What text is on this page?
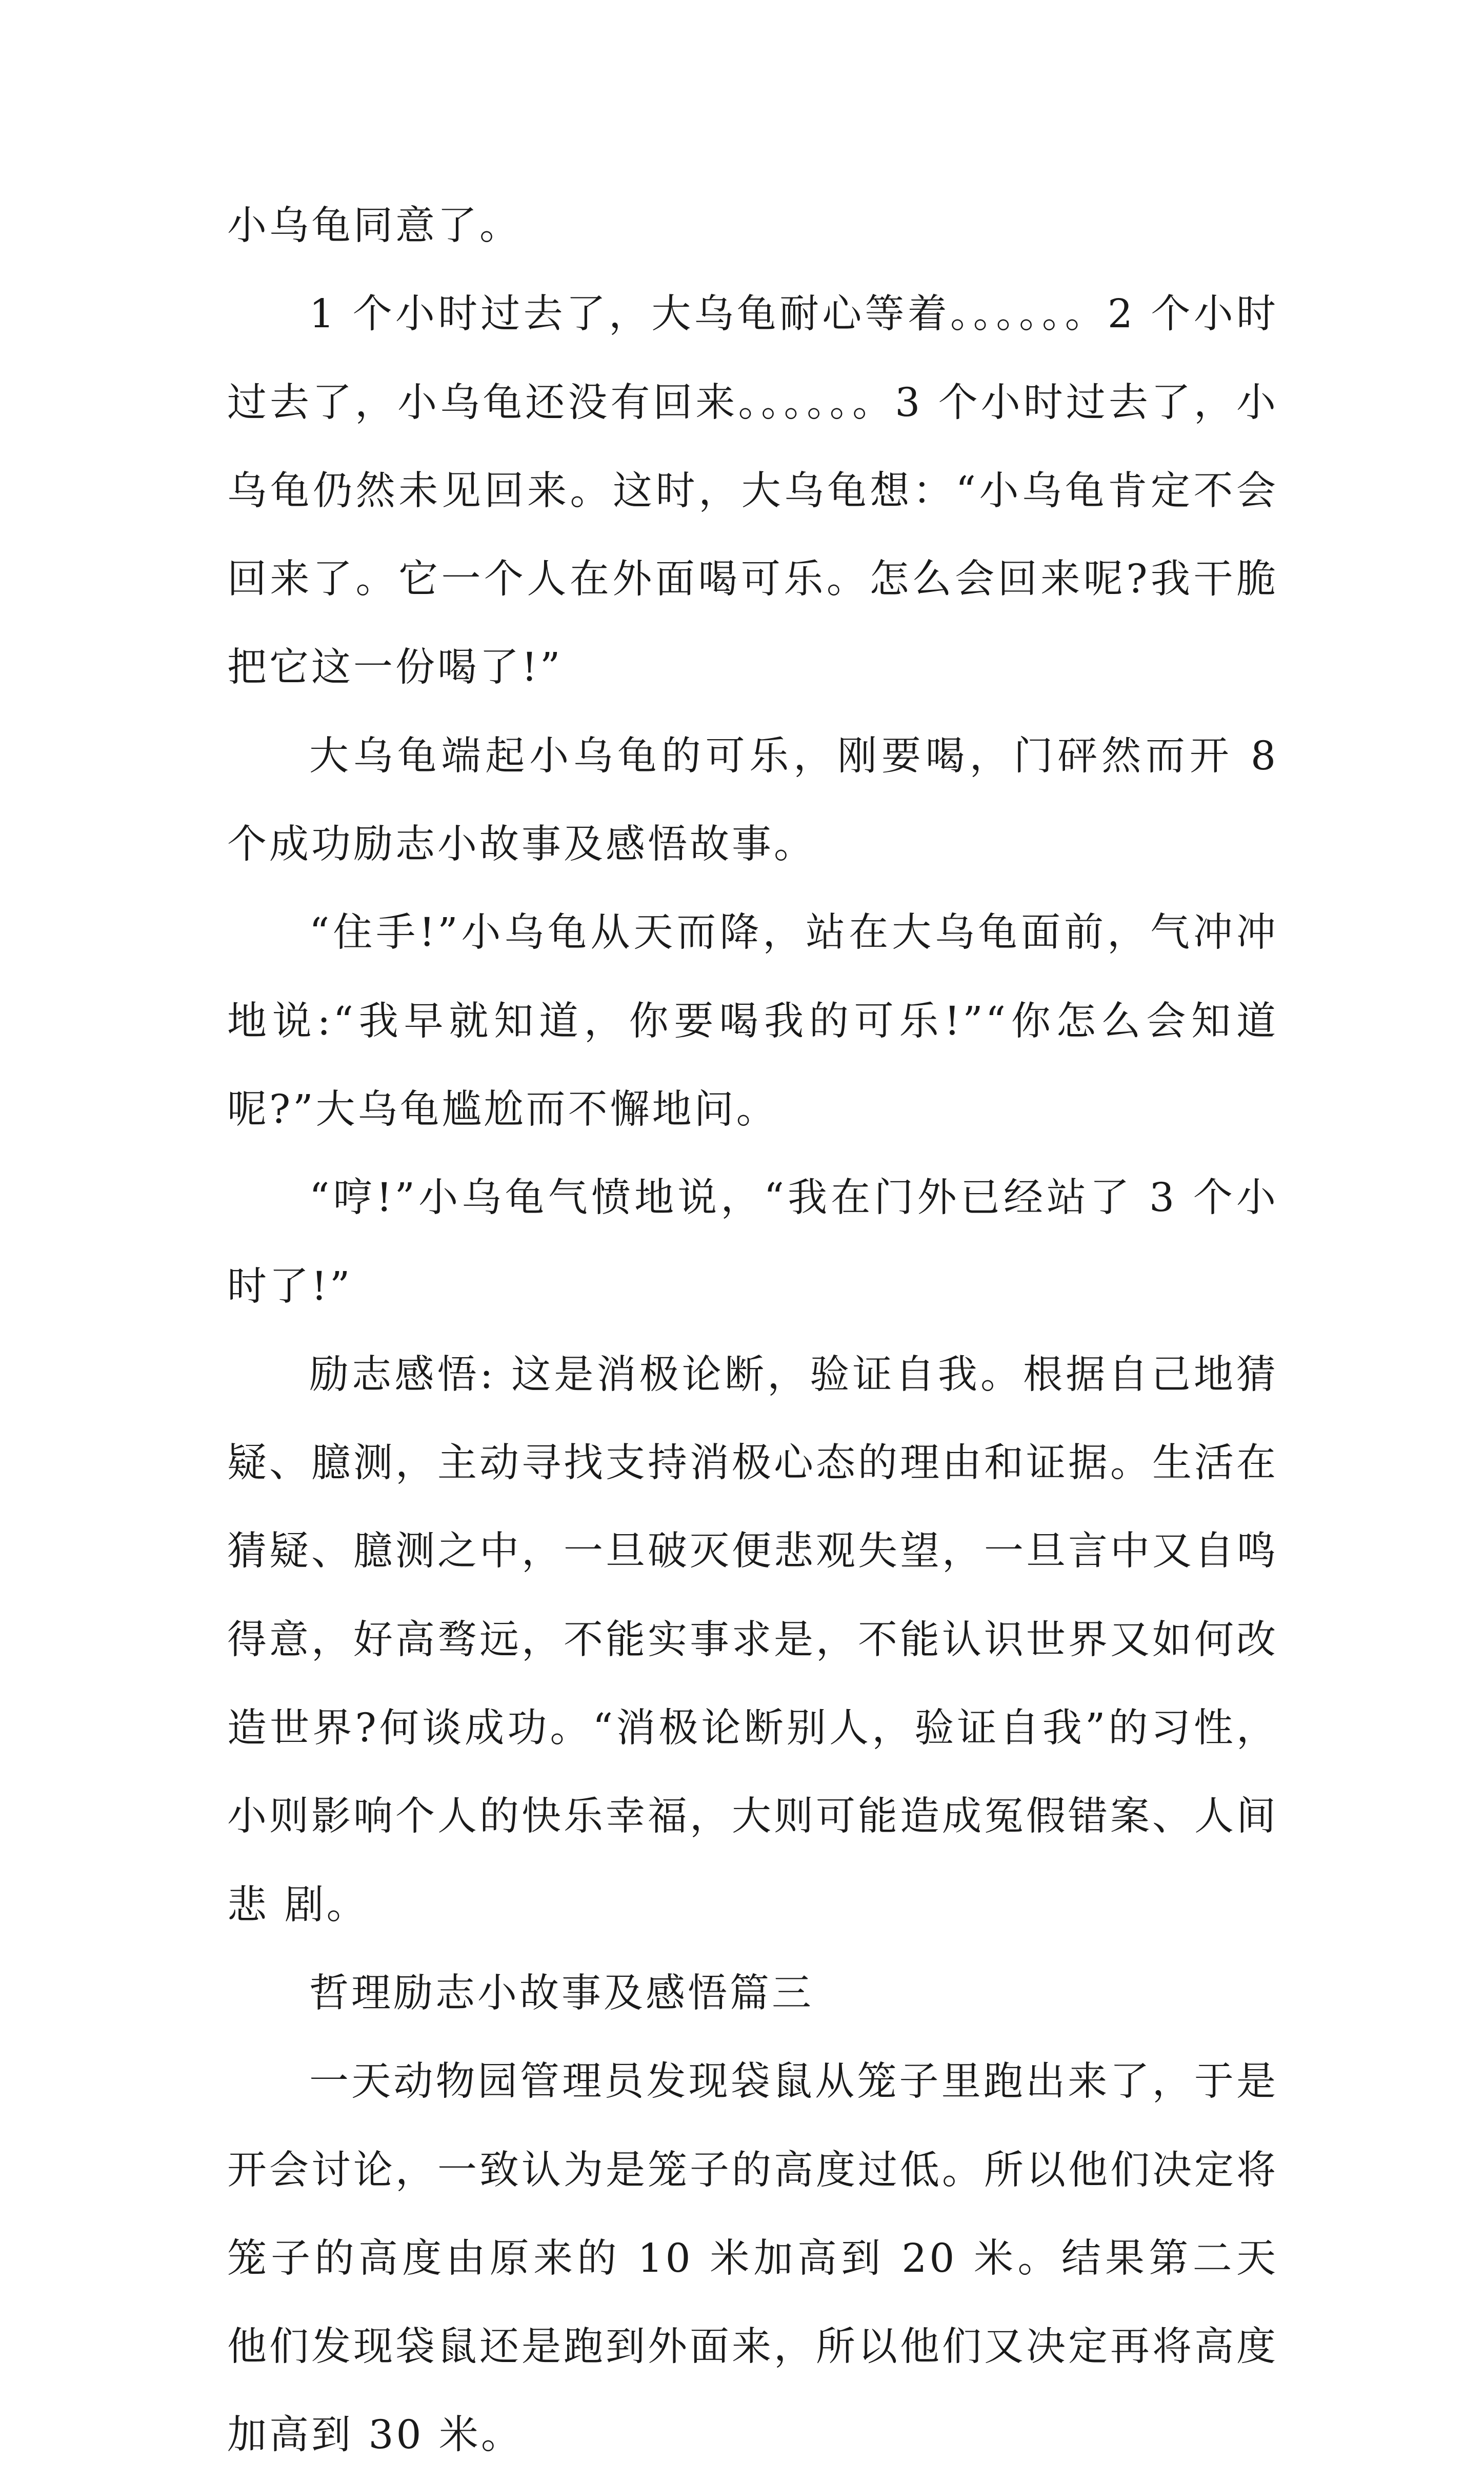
小乌龟同意了。

1 个小时过去了，大乌龟耐心等着。。。。。。2 个小时过去了，小乌龟还没有回来。。。。。。3 个小时过去了，小乌龟仍然未见回来。这时，大乌龟想：“小乌龟肯定不会回来了。它一个人在外面喝可乐。怎么会回来呢?我干脆把它这一份喝了!”

大乌龟端起小乌龟的可乐，刚要喝，门砰然而开 8 个成功励志小故事及感悟故事。

“住手!”小乌龟从天而降，站在大乌龟面前，气冲冲地说:“我早就知道，你要喝我的可乐!”“你怎么会知道呢?”大乌龟尴尬而不懈地问。

“哼!”小乌龟气愤地说，“我在门外已经站了 3 个小时了!”

励志感悟: 这是消极论断，验证自我。根据自己地猜疑、臆测，主动寻找支持消极心态的理由和证据。生活在猜疑、臆测之中，一旦破灭便悲观失望，一旦言中又自鸣得意，好高骛远，不能实事求是，不能认识世界又如何改造世界?何谈成功。“消极论断别人，验证自我”的习性，小则影响个人的快乐幸福，大则可能造成冤假错案、人间悲 剧。

哲理励志小故事及感悟篇三

一天动物园管理员发现袋鼠从笼子里跑出来了，于是开会讨论，一致认为是笼子的高度过低。所以他们决定将笼子的高度由原来的 10 米加高到 20 米。结果第二天他们发现袋鼠还是跑到外面来，所以他们又决定再将高度加高到 30 米。
